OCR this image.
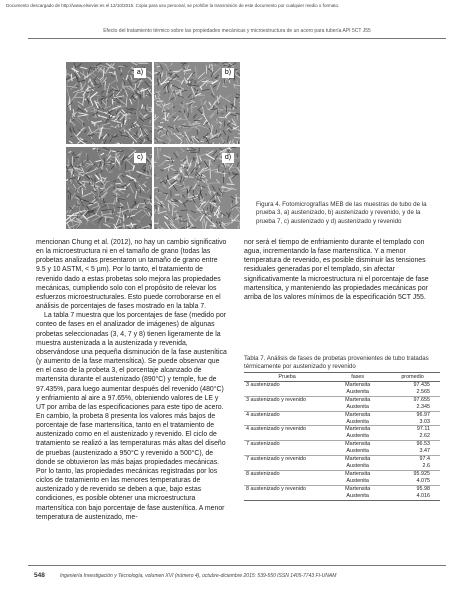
Documento descargado de http://www.elsevier.es el 12/10/2015. Copia para uso personal, se prohíbe la transmisión de este documento por cualquier medio o formato.
Efecto del tratamiento térmico sobre las propiedades mecánicas y microestructura de un acero para tubería API 5CT J55
a)	b)
c)	d)
Figura 4. Fotomicrografías MEB de las muestras de tubo de la prueba 3, a) austenizado, b) austenizado y revenido, y de la prueba 7, c) austenizado y d) austenizado y revenido

mencionan Chung et al. (2012), no hay un cambio significativo en la microestructura ni en el tamaño de grano (todas las probetas analizadas presentaron un tamaño de grano entre 9.5 y 10 ASTM, < 5 µm). Por lo tanto, el tratamiento de revenido dado a estas probetas solo mejora las propiedades mecánicas, cumpliendo solo con el propósito de relevar los esfuerzos microestructurales. Esto puede corroborarse en el análisis de porcentajes de fases mostrado en la tabla 7.

La tabla 7 muestra que los porcentajes de fase (medido por conteo de fases en el analizador de imágenes) de algunas probetas seleccionadas (3, 4, 7 y 8) tienen ligeramente de la muestra austenizada a la austenizada y revenida, observándose una pequeña disminución de la fase austenítica (y aumento de la fase martensítica). Se puede observar que en el caso de la probeta 3, el porcentaje alcanzado de martensita durante el austenizado (890°C) y temple, fue de 97.435%, para luego aumentar después del revenido (480°C) y enfriamiento al aire a 97.65%, obteniendo valores de LE y UT por arriba de las especificaciones para este tipo de acero. En cambio, la probeta 8 presenta los valores más bajos de porcentaje de fase martensítica, tanto en el tratamiento de austenizado como en el austenizado y revenido. El ciclo de tratamiento se realizó a las temperaturas más altas del diseño de pruebas (austenizado a 950°C y revenido a 500°C), de donde se obtuvieron las más bajas propiedades mecánicas. Por lo tanto, las propiedades mecánicas registradas por los ciclos de tratamiento en las menores temperaturas de austenizado y de revenido se deben a que, bajo estas condiciones, es posible obtener una microestructura martensítica con bajo porcentaje de fase austenítica. A menor temperatura de austenizado, me-

nor será el tiempo de enfriamiento durante el templado con agua, incrementando la fase martensítica. Y a menor temperatura de revenido, es posible disminuir las tensiones residuales generadas por el templado, sin afectar significativamente la microestructura ni el porcentaje de fase martensítica, y manteniendo las propiedades mecánicas por arriba de los valores mínimos de la especificación 5CT J55.

Tabla 7. Análisis de fases de probetas provenientes de tubo tratadas térmicamente por austenizado y revenido
Prueba	fases	promedio
3 austenizado	Martensita	97.435
	Austenita	2.565
3 austenizado y revenido	Martensita	97.655
	Austenita	2.345
4 austenizado	Martensita	96.97
	Austenita	3.03
4 austenizado y revenido	Martensita	97.11
	Austenita	2.62
7 austenizado	Martensita	96.53
	Austenita	3.47
7 austenizado y revenido	Martensita	97.4
	Austenita	2.6
8 austenizado	Martensita	95.925
	Austenita	4.075
8 austenizado y revenido	Martensita	95.98
	Austenita	4.016
548	Ingeniería Investigación y Tecnología, volumen XVI (número 4), octubre-diciembre 2015: 539-550 ISSN 1405-7743 FI-UNAM
